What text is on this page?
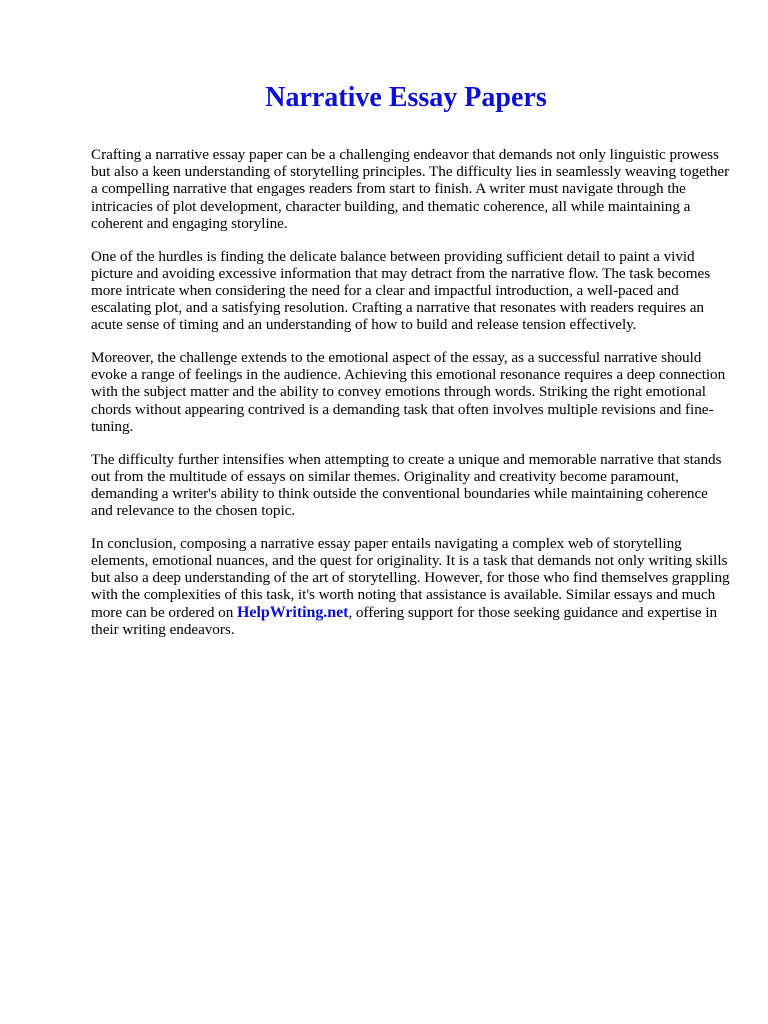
Narrative Essay Papers

Crafting a narrative essay paper can be a challenging endeavor that demands not only linguistic prowess but also a keen understanding of storytelling principles. The difficulty lies in seamlessly weaving together a compelling narrative that engages readers from start to finish. A writer must navigate through the intricacies of plot development, character building, and thematic coherence, all while maintaining a coherent and engaging storyline.

One of the hurdles is finding the delicate balance between providing sufficient detail to paint a vivid picture and avoiding excessive information that may detract from the narrative flow. The task becomes more intricate when considering the need for a clear and impactful introduction, a well-paced and escalating plot, and a satisfying resolution. Crafting a narrative that resonates with readers requires an acute sense of timing and an understanding of how to build and release tension effectively.

Moreover, the challenge extends to the emotional aspect of the essay, as a successful narrative should evoke a range of feelings in the audience. Achieving this emotional resonance requires a deep connection with the subject matter and the ability to convey emotions through words. Striking the right emotional chords without appearing contrived is a demanding task that often involves multiple revisions and fine-tuning.

The difficulty further intensifies when attempting to create a unique and memorable narrative that stands out from the multitude of essays on similar themes. Originality and creativity become paramount, demanding a writer's ability to think outside the conventional boundaries while maintaining coherence and relevance to the chosen topic.

In conclusion, composing a narrative essay paper entails navigating a complex web of storytelling elements, emotional nuances, and the quest for originality. It is a task that demands not only writing skills but also a deep understanding of the art of storytelling. However, for those who find themselves grappling with the complexities of this task, it's worth noting that assistance is available. Similar essays and much more can be ordered on HelpWriting.net, offering support for those seeking guidance and expertise in their writing endeavors.
